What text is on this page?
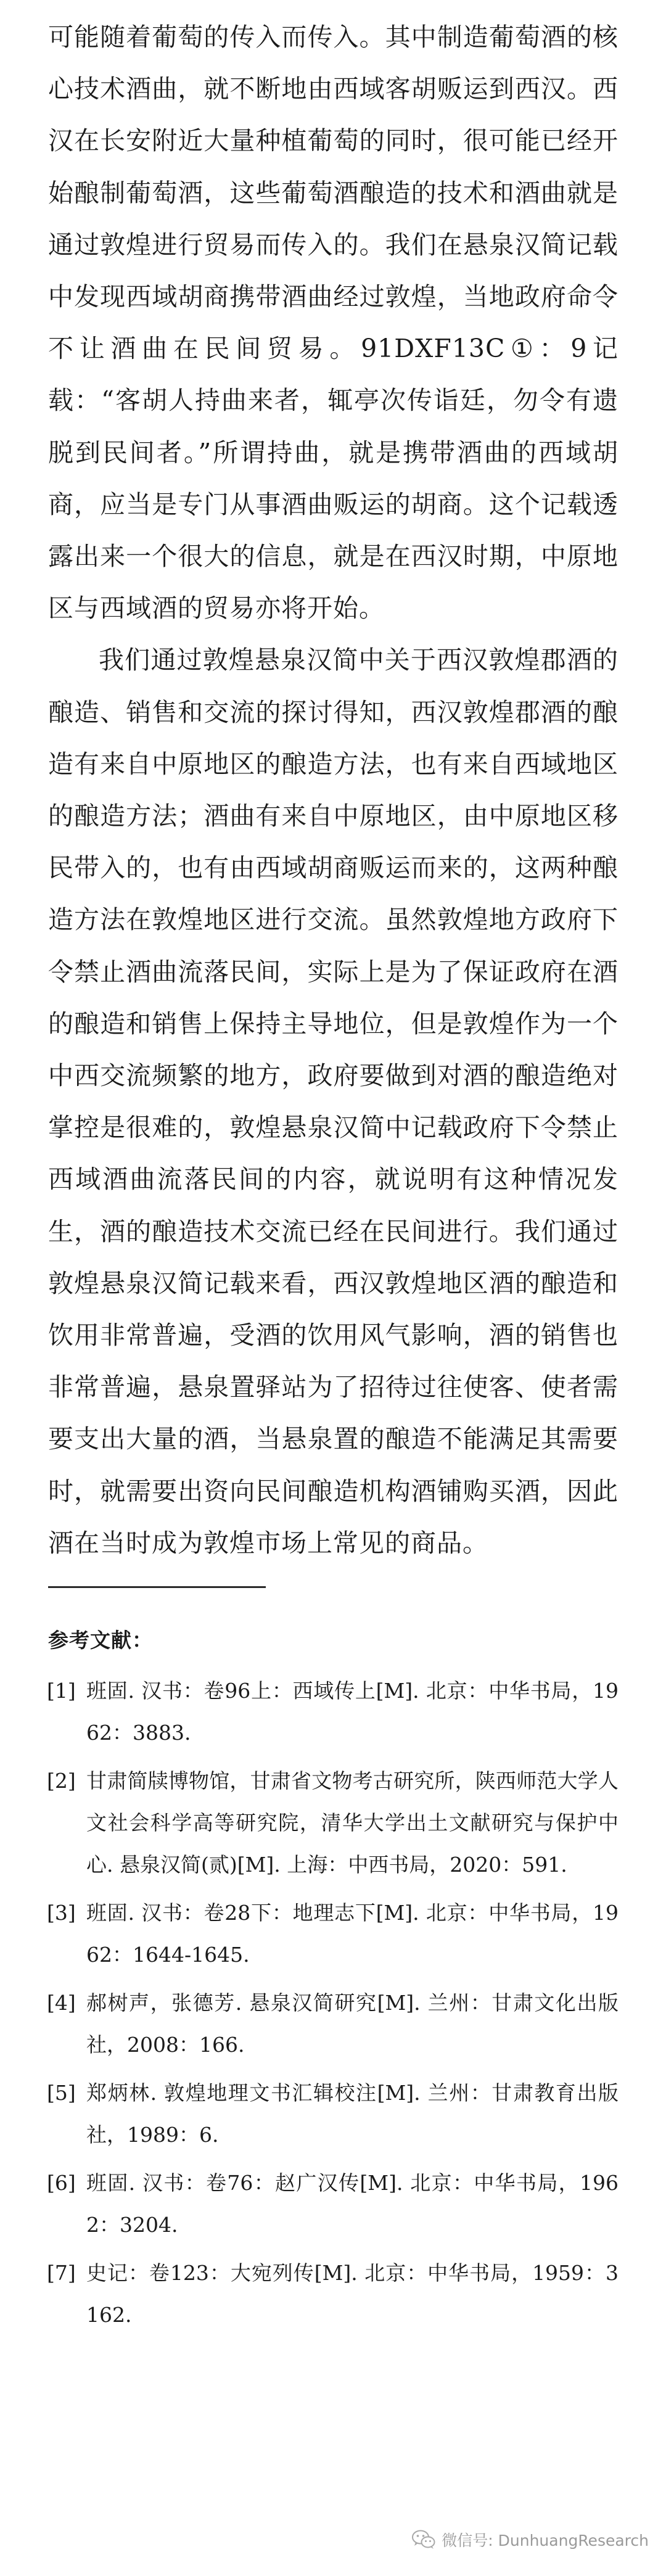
可能随着葡萄的传入而传入。其中制造葡萄酒的核心技术酒曲，就不断地由西域客胡贩运到西汉。西汉在长安附近大量种植葡萄的同时，很可能已经开始酿制葡萄酒，这些葡萄酒酿造的技术和酒曲就是通过敦煌进行贸易而传入的。我们在悬泉汉简记载中发现西域胡商携带酒曲经过敦煌，当地政府命令不让酒曲在民间贸易。91DXF13C①：9记载：“客胡人持曲来者，辄亭次传诣廷，勿令有遗脱到民间者。”所谓持曲，就是携带酒曲的西域胡商，应当是专门从事酒曲贩运的胡商。这个记载透露出来一个很大的信息，就是在西汉时期，中原地区与西域酒的贸易亦将开始。

我们通过敦煌悬泉汉简中关于西汉敦煌郡酒的酿造、销售和交流的探讨得知，西汉敦煌郡酒的酿造有来自中原地区的酿造方法，也有来自西域地区的酿造方法；酒曲有来自中原地区，由中原地区移民带入的，也有由西域胡商贩运而来的，这两种酿造方法在敦煌地区进行交流。虽然敦煌地方政府下令禁止酒曲流落民间，实际上是为了保证政府在酒的酿造和销售上保持主导地位，但是敦煌作为一个中西交流频繁的地方，政府要做到对酒的酿造绝对掌控是很难的，敦煌悬泉汉简中记载政府下令禁止西域酒曲流落民间的内容，就说明有这种情况发生，酒的酿造技术交流已经在民间进行。我们通过敦煌悬泉汉简记载来看，西汉敦煌地区酒的酿造和饮用非常普遍，受酒的饮用风气影响，酒的销售也非常普遍，悬泉置驿站为了招待过往使客、使者需要支出大量的酒，当悬泉置的酿造不能满足其需要时，就需要出资向民间酿造机构酒铺购买酒，因此酒在当时成为敦煌市场上常见的商品。

参考文献：

[1] 班固. 汉书：卷96上：西域传上[M]. 北京：中华书局，1962：3883.
[2] 甘肃简牍博物馆，甘肃省文物考古研究所，陕西师范大学人文社会科学高等研究院，清华大学出土文献研究与保护中心. 悬泉汉简(贰)[M]. 上海：中西书局，2020：591.
[3] 班固. 汉书：卷28下：地理志下[M]. 北京：中华书局，1962：1644-1645.
[4] 郝树声，张德芳. 悬泉汉简研究[M]. 兰州：甘肃文化出版社，2008：166.
[5] 郑炳林. 敦煌地理文书汇辑校注[M]. 兰州：甘肃教育出版社，1989：6.
[6] 班固. 汉书：卷76：赵广汉传[M]. 北京：中华书局，1962：3204.
[7] 史记：卷123：大宛列传[M]. 北京：中华书局，1959：3162.
微信号: DunhuangResearch
